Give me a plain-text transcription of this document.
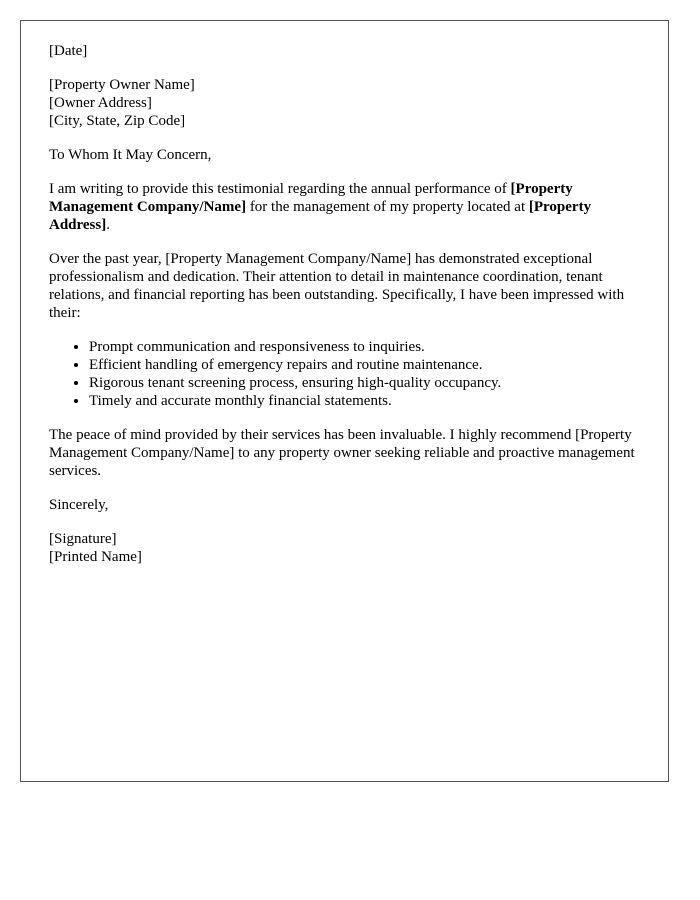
[Date]

[Property Owner Name]
[Owner Address]
[City, State, Zip Code]

To Whom It May Concern,

I am writing to provide this testimonial regarding the annual performance of [Property Management Company/Name] for the management of my property located at [Property Address].

Over the past year, [Property Management Company/Name] has demonstrated exceptional professionalism and dedication. Their attention to detail in maintenance coordination, tenant relations, and financial reporting has been outstanding. Specifically, I have been impressed with their:

• Prompt communication and responsiveness to inquiries.
• Efficient handling of emergency repairs and routine maintenance.
• Rigorous tenant screening process, ensuring high-quality occupancy.
• Timely and accurate monthly financial statements.

The peace of mind provided by their services has been invaluable. I highly recommend [Property Management Company/Name] to any property owner seeking reliable and proactive management services.

Sincerely,

[Signature]
[Printed Name]
